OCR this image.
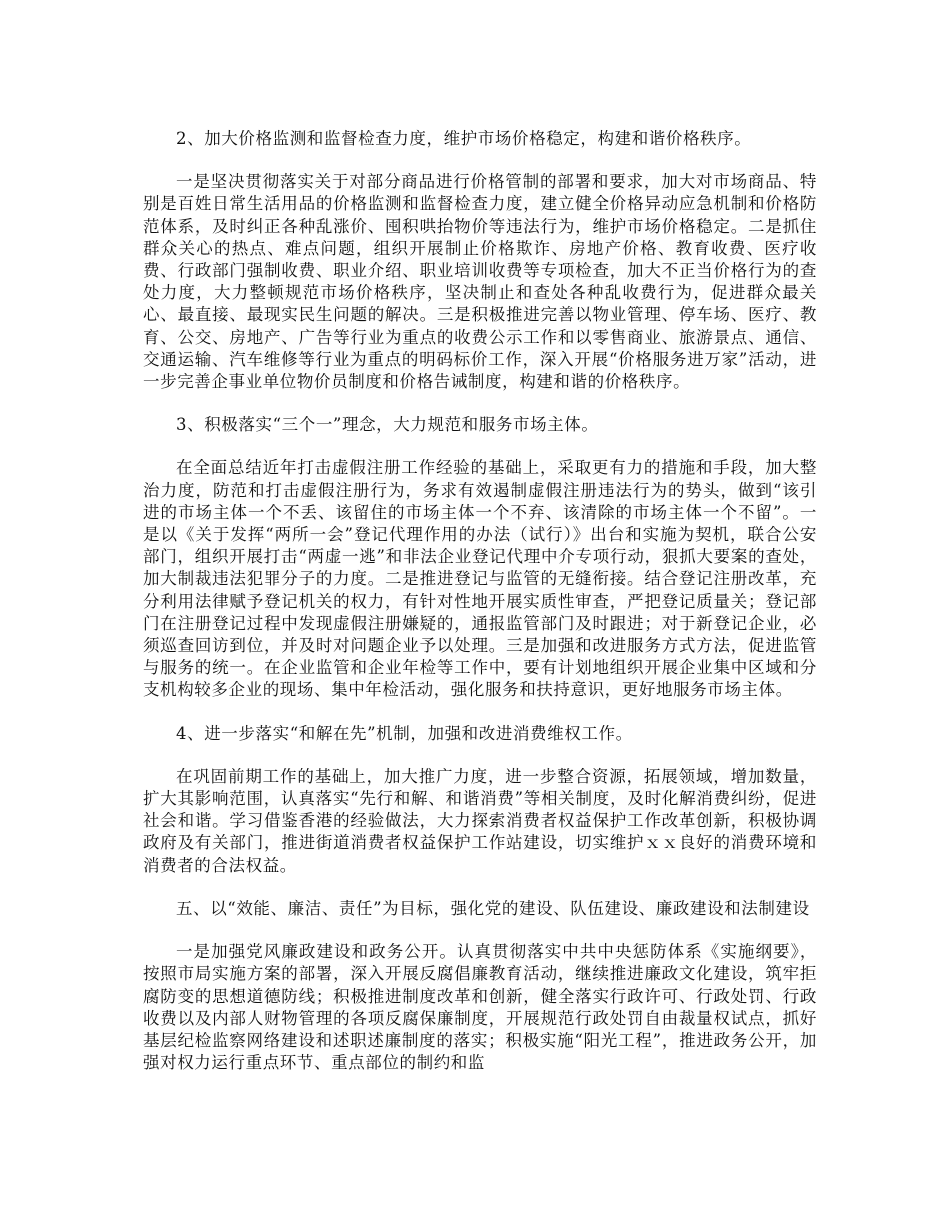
2、加大价格监测和监督检查力度，维护市场价格稳定，构建和谐价格秩序。

一是坚决贯彻落实关于对部分商品进行价格管制的部署和要求，加大对市场商品、特别是百姓日常生活用品的价格监测和监督检查力度，建立健全价格异动应急机制和价格防范体系，及时纠正各种乱涨价、囤积哄抬物价等违法行为，维护市场价格稳定。二是抓住群众关心的热点、难点问题，组织开展制止价格欺诈、房地产价格、教育收费、医疗收费、行政部门强制收费、职业介绍、职业培训收费等专项检查，加大不正当价格行为的查处力度，大力整顿规范市场价格秩序，坚决制止和查处各种乱收费行为，促进群众最关心、最直接、最现实民生问题的解决。三是积极推进完善以物业管理、停车场、医疗、教育、公交、房地产、广告等行业为重点的收费公示工作和以零售商业、旅游景点、通信、交通运输、汽车维修等行业为重点的明码标价工作，深入开展“价格服务进万家”活动，进一步完善企事业单位物价员制度和价格告诫制度，构建和谐的价格秩序。

3、积极落实“三个一”理念，大力规范和服务市场主体。

在全面总结近年打击虚假注册工作经验的基础上，采取更有力的措施和手段，加大整治力度，防范和打击虚假注册行为，务求有效遏制虚假注册违法行为的势头，做到“该引进的市场主体一个不丢、该留住的市场主体一个不弃、该清除的市场主体一个不留”。一是以《关于发挥“两所一会”登记代理作用的办法（试行）》出台和实施为契机，联合公安部门，组织开展打击“两虚一逃”和非法企业登记代理中介专项行动，狠抓大要案的查处，加大制裁违法犯罪分子的力度。二是推进登记与监管的无缝衔接。结合登记注册改革，充分利用法律赋予登记机关的权力，有针对性地开展实质性审查，严把登记质量关；登记部门在注册登记过程中发现虚假注册嫌疑的，通报监管部门及时跟进；对于新登记企业，必须巡查回访到位，并及时对问题企业予以处理。三是加强和改进服务方式方法，促进监管与服务的统一。在企业监管和企业年检等工作中，要有计划地组织开展企业集中区域和分支机构较多企业的现场、集中年检活动，强化服务和扶持意识，更好地服务市场主体。

4、进一步落实“和解在先”机制，加强和改进消费维权工作。

在巩固前期工作的基础上，加大推广力度，进一步整合资源，拓展领域，增加数量，扩大其影响范围，认真落实“先行和解、和谐消费”等相关制度，及时化解消费纠纷，促进社会和谐。学习借鉴香港的经验做法，大力探索消费者权益保护工作改革创新，积极协调政府及有关部门，推进街道消费者权益保护工作站建设，切实维护ｘｘ良好的消费环境和消费者的合法权益。

五、以“效能、廉洁、责任”为目标，强化党的建设、队伍建设、廉政建设和法制建设

一是加强党风廉政建设和政务公开。认真贯彻落实中共中央惩防体系《实施纲要》，按照市局实施方案的部署，深入开展反腐倡廉教育活动，继续推进廉政文化建设，筑牢拒腐防变的思想道德防线；积极推进制度改革和创新，健全落实行政许可、行政处罚、行政收费以及内部人财物管理的各项反腐保廉制度，开展规范行政处罚自由裁量权试点，抓好基层纪检监察网络建设和述职述廉制度的落实；积极实施“阳光工程”，推进政务公开，加强对权力运行重点环节、重点部位的制约和监
